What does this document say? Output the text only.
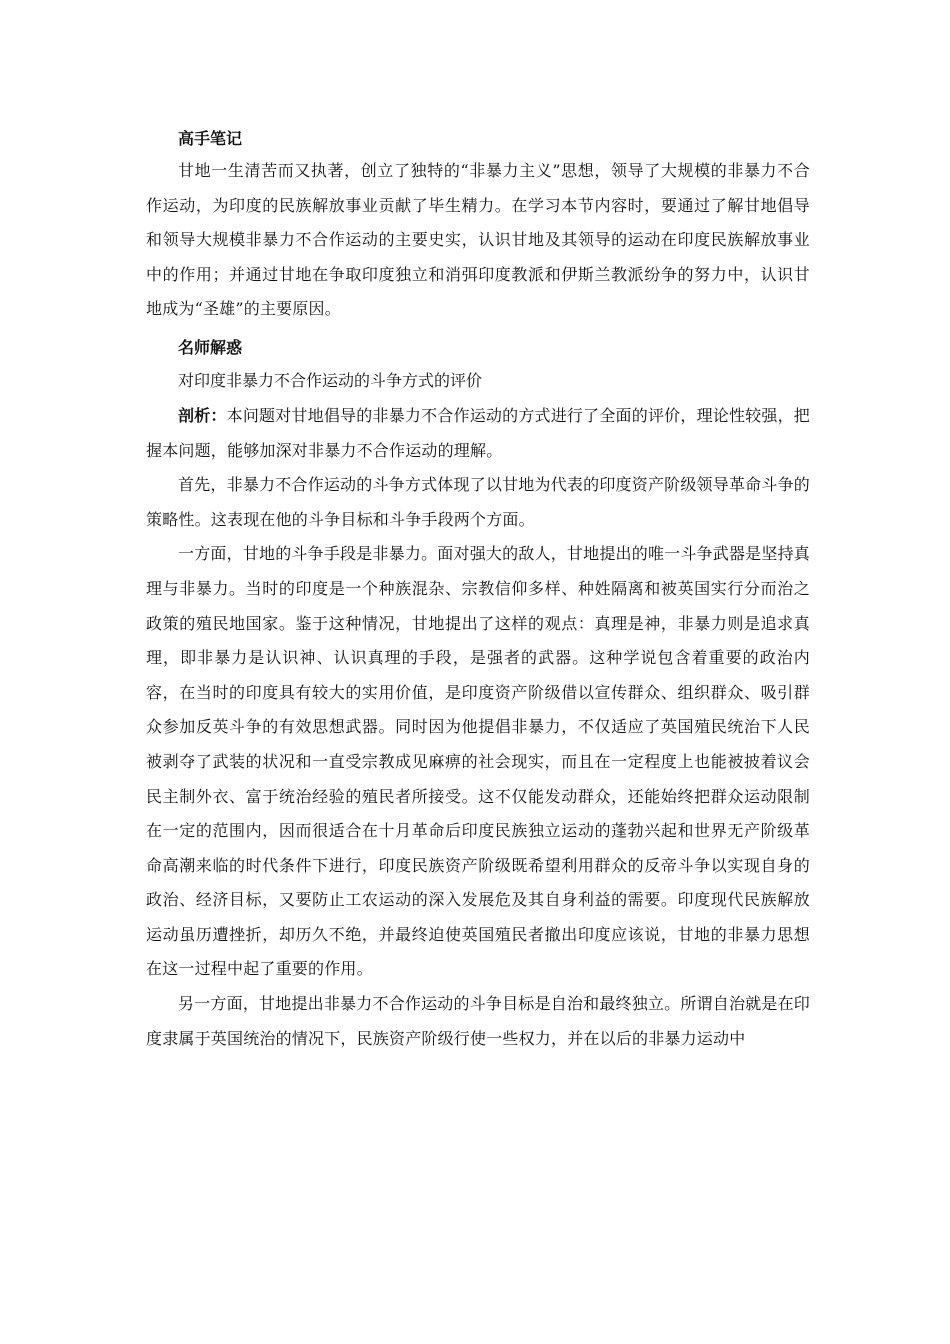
高手笔记

甘地一生清苦而又执著，创立了独特的“非暴力主义”思想，领导了大规模的非暴力不合作运动，为印度的民族解放事业贡献了毕生精力。在学习本节内容时，要通过了解甘地倡导和领导大规模非暴力不合作运动的主要史实，认识甘地及其领导的运动在印度民族解放事业中的作用；并通过甘地在争取印度独立和消弭印度教派和伊斯兰教派纷争的努力中，认识甘地成为“圣雄”的主要原因。

名师解惑

对印度非暴力不合作运动的斗争方式的评价

剖析：本问题对甘地倡导的非暴力不合作运动的方式进行了全面的评价，理论性较强，把握本问题，能够加深对非暴力不合作运动的理解。

首先，非暴力不合作运动的斗争方式体现了以甘地为代表的印度资产阶级领导革命斗争的策略性。这表现在他的斗争目标和斗争手段两个方面。

一方面，甘地的斗争手段是非暴力。面对强大的敌人，甘地提出的唯一斗争武器是坚持真理与非暴力。当时的印度是一个种族混杂、宗教信仰多样、种姓隔离和被英国实行分而治之政策的殖民地国家。鉴于这种情况，甘地提出了这样的观点：真理是神，非暴力则是追求真理，即非暴力是认识神、认识真理的手段，是强者的武器。这种学说包含着重要的政治内容，在当时的印度具有较大的实用价值，是印度资产阶级借以宣传群众、组织群众、吸引群众参加反英斗争的有效思想武器。同时因为他提倡非暴力，不仅适应了英国殖民统治下人民被剥夺了武装的状况和一直受宗教成见麻痹的社会现实，而且在一定程度上也能被披着议会民主制外衣、富于统治经验的殖民者所接受。这不仅能发动群众，还能始终把群众运动限制在一定的范围内，因而很适合在十月革命后印度民族独立运动的蓬勃兴起和世界无产阶级革命高潮来临的时代条件下进行，印度民族资产阶级既希望利用群众的反帝斗争以实现自身的政治、经济目标，又要防止工农运动的深入发展危及其自身利益的需要。印度现代民族解放运动虽历遭挫折，却历久不绝，并最终迫使英国殖民者撤出印度应该说，甘地的非暴力思想在这一过程中起了重要的作用。

另一方面，甘地提出非暴力不合作运动的斗争目标是自治和最终独立。所谓自治就是在印度隶属于英国统治的情况下，民族资产阶级行使一些权力，并在以后的非暴力运动中
